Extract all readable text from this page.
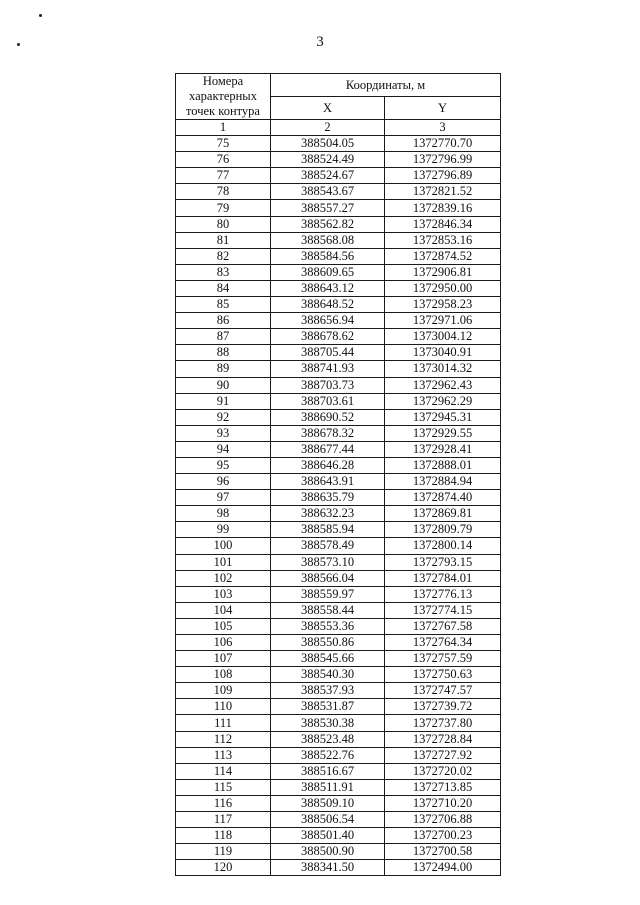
3
Номера
характерных
точек контура	Координаты, м	
	X	Y
1	2	3
75	388504.05	1372770.70
76	388524.49	1372796.99
77	388524.67	1372796.89
78	388543.67	1372821.52
79	388557.27	1372839.16
80	388562.82	1372846.34
81	388568.08	1372853.16
82	388584.56	1372874.52
83	388609.65	1372906.81
84	388643.12	1372950.00
85	388648.52	1372958.23
86	388656.94	1372971.06
87	388678.62	1373004.12
88	388705.44	1373040.91
89	388741.93	1373014.32
90	388703.73	1372962.43
91	388703.61	1372962.29
92	388690.52	1372945.31
93	388678.32	1372929.55
94	388677.44	1372928.41
95	388646.28	1372888.01
96	388643.91	1372884.94
97	388635.79	1372874.40
98	388632.23	1372869.81
99	388585.94	1372809.79
100	388578.49	1372800.14
101	388573.10	1372793.15
102	388566.04	1372784.01
103	388559.97	1372776.13
104	388558.44	1372774.15
105	388553.36	1372767.58
106	388550.86	1372764.34
107	388545.66	1372757.59
108	388540.30	1372750.63
109	388537.93	1372747.57
110	388531.87	1372739.72
111	388530.38	1372737.80
112	388523.48	1372728.84
113	388522.76	1372727.92
114	388516.67	1372720.02
115	388511.91	1372713.85
116	388509.10	1372710.20
117	388506.54	1372706.88
118	388501.40	1372700.23
119	388500.90	1372700.58
120	388341.50	1372494.00
